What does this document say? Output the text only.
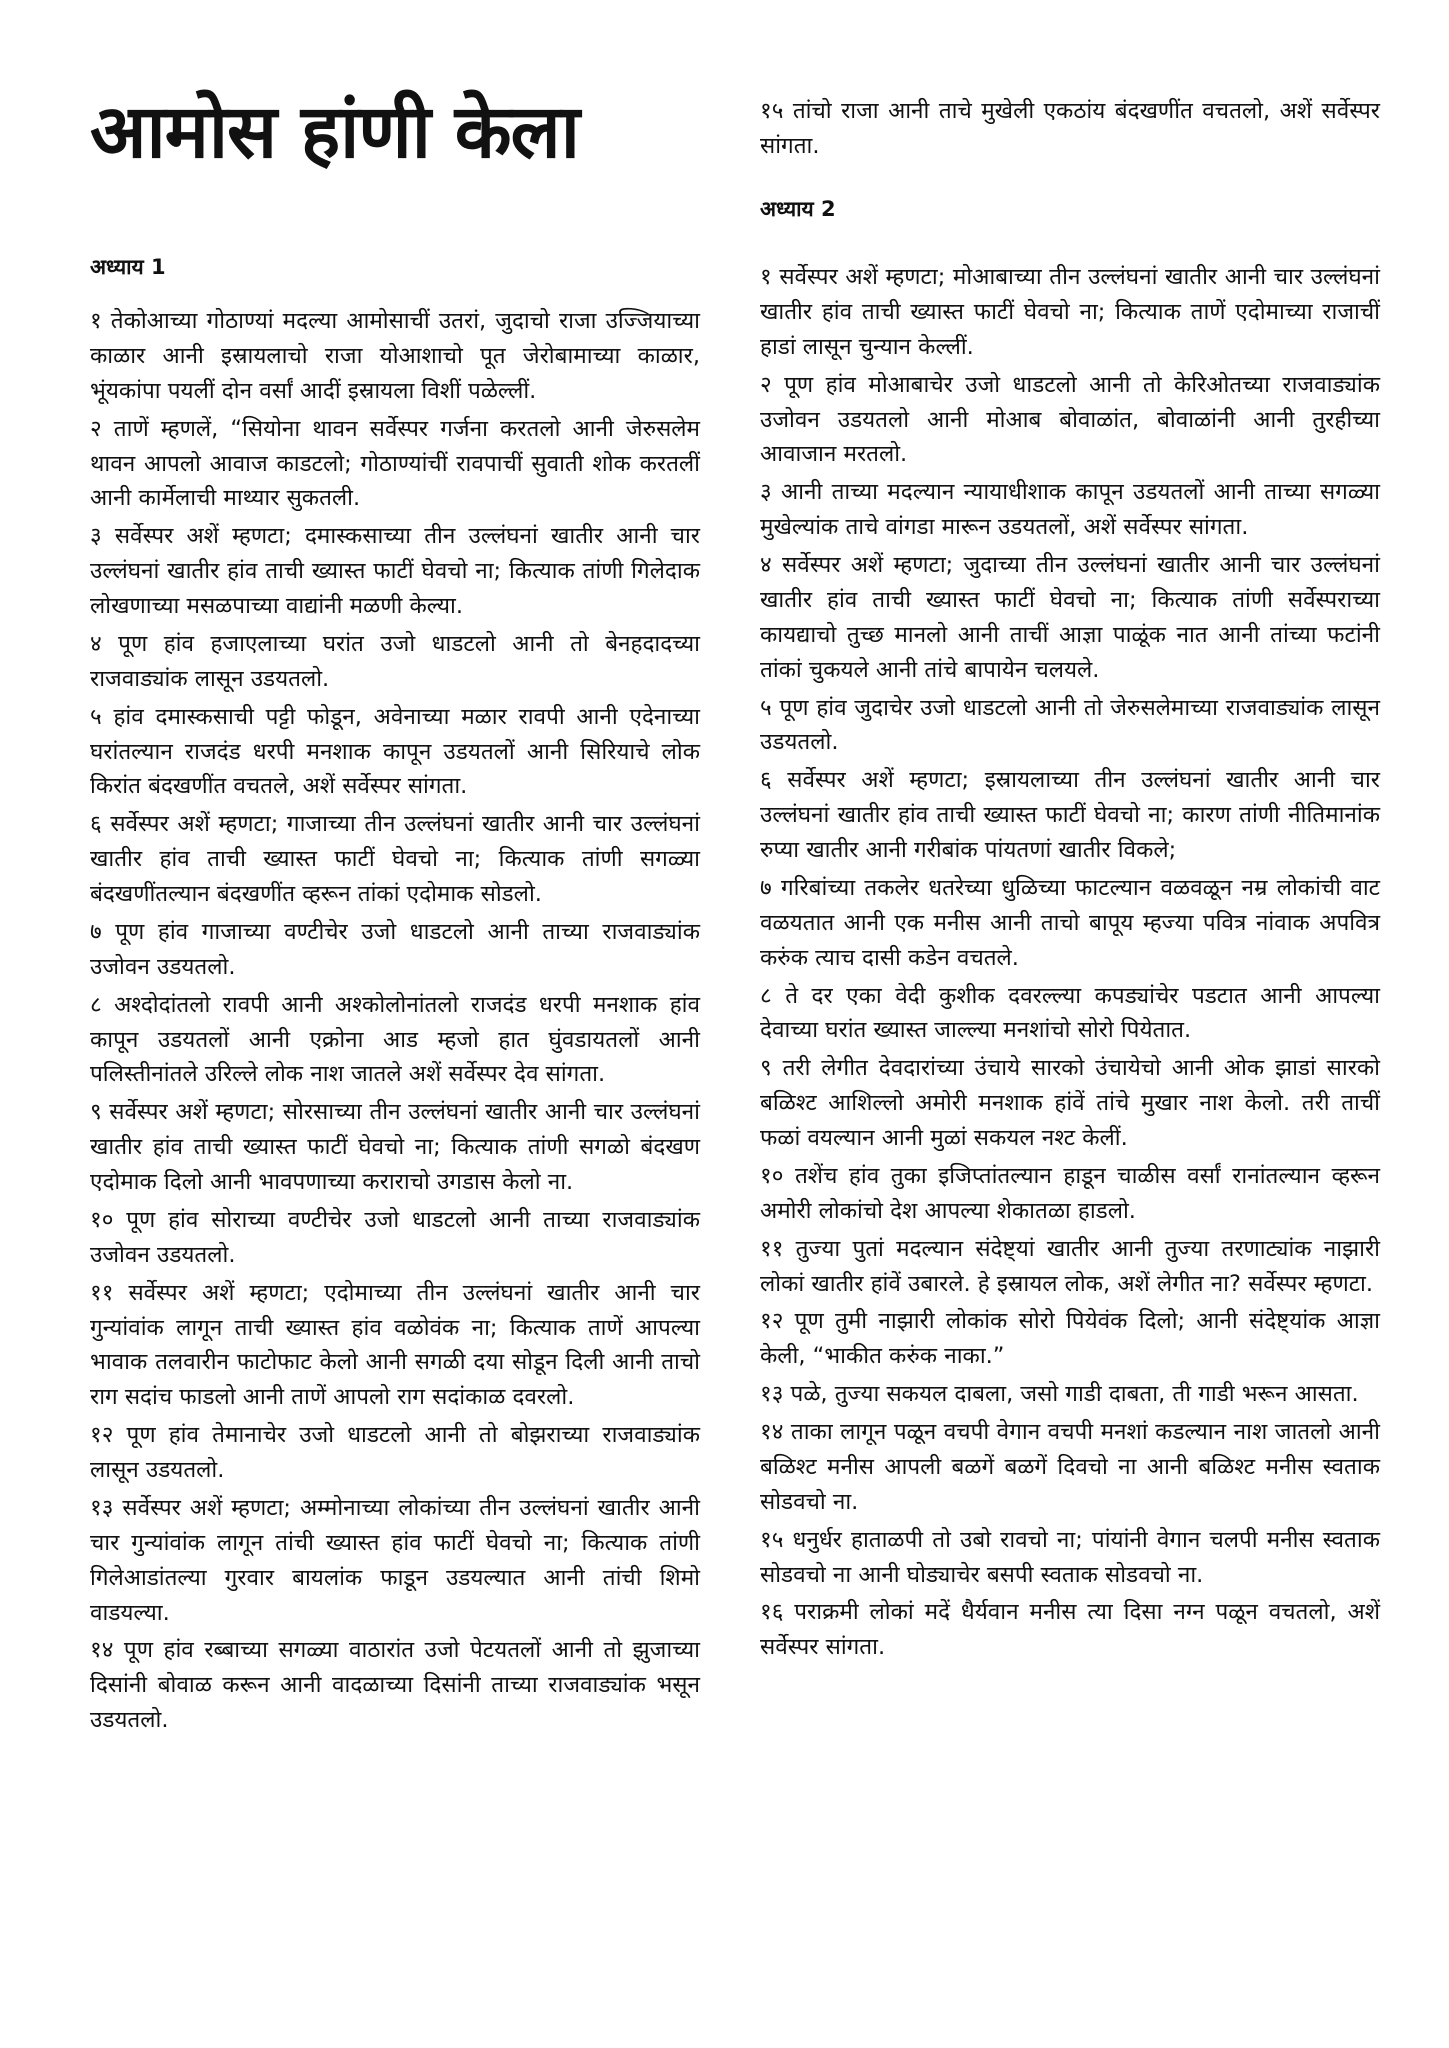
आमोस हांणी केला
अध्याय 1

१ तेकोआच्या गोठाण्यां मदल्या आमोसाचीं उतरां, जुदाचो राजा उज्जियाच्या काळार आनी इस्रायलाचो राजा योआशाचो पूत जेरोबामाच्या काळार, भूंयकांपा पयलीं दोन वर्सां आदीं इस्रायला विशीं पळेल्लीं.

२ ताणें म्हणलें, “सियोना थावन सर्वेस्पर गर्जना करतलो आनी जेरुसलेम थावन आपलो आवाज काडटलो; गोठाण्यांचीं रावपाचीं सुवाती शोक करतलीं आनी कार्मेलाची माथ्यार सुकतली.

३ सर्वेस्पर अशें म्हणटा; दमास्कसाच्या तीन उल्लंघनां खातीर आनी चार उल्लंघनां खातीर हांव ताची ख्यास्त फाटीं घेवचो ना; कित्याक तांणी गिलेदाक लोखणाच्या मसळपाच्या वाद्यांनी मळणी केल्या.

४ पूण हांव हजाएलाच्या घरांत उजो धाडटलो आनी तो बेनहदादच्या राजवाड्यांक लासून उडयतलो.

५ हांव दमास्कसाची पट्टी फोडून, अवेनाच्या मळार रावपी आनी एदेनाच्या घरांतल्यान राजदंड धरपी मनशाक कापून उडयतलों आनी सिरियाचे लोक किरांत बंदखणींत वचतले, अशें सर्वेस्पर सांगता.

६ सर्वेस्पर अशें म्हणटा; गाजाच्या तीन उल्लंघनां खातीर आनी चार उल्लंघनां खातीर हांव ताची ख्यास्त फाटीं घेवचो ना; कित्याक तांणी सगळ्या बंदखणींतल्यान बंदखणींत व्हरून तांकां एदोमाक सोडलो.

७ पूण हांव गाजाच्या वण्टीचेर उजो धाडटलो आनी ताच्या राजवाड्यांक उजोवन उडयतलो.

८ अश्दोदांतलो रावपी आनी अश्कोलोनांतलो राजदंड धरपी मनशाक हांव कापून उडयतलों आनी एक्रोना आड म्हजो हात घुंवडायतलों आनी पलिस्तीनांतले उरिल्ले लोक नाश जातले अशें सर्वेस्पर देव सांगता.

९ सर्वेस्पर अशें म्हणटा; सोरसाच्या तीन उल्लंघनां खातीर आनी चार उल्लंघनां खातीर हांव ताची ख्यास्त फाटीं घेवचो ना; कित्याक तांणी सगळो बंदखण एदोमाक दिलो आनी भावपणाच्या कराराचो उगडास केलो ना.

१० पूण हांव सोराच्या वण्टीचेर उजो धाडटलो आनी ताच्या राजवाड्यांक उजोवन उडयतलो.

११ सर्वेस्पर अशें म्हणटा; एदोमाच्या तीन उल्लंघनां खातीर आनी चार गुन्यांवांक लागून ताची ख्यास्त हांव वळोवंक ना; कित्याक ताणें आपल्या भावाक तलवारीन फाटोफाट केलो आनी सगळी दया सोडून दिली आनी ताचो राग सदांच फाडलो आनी ताणें आपलो राग सदांकाळ दवरलो.

१२ पूण हांव तेमानाचेर उजो धाडटलो आनी तो बोझराच्या राजवाड्यांक लासून उडयतलो.

१३ सर्वेस्पर अशें म्हणटा; अम्मोनाच्या लोकांच्या तीन उल्लंघनां खातीर आनी चार गुन्यांवांक लागून तांची ख्यास्त हांव फाटीं घेवचो ना; कित्याक तांणी गिलेआडांतल्या गुरवार बायलांक फाडून उडयल्यात आनी तांची शिमो वाडयल्या.

१४ पूण हांव रब्बाच्या सगळ्या वाठारांत उजो पेटयतलों आनी तो झुजाच्या दिसांनी बोवाळ करून आनी वादळाच्या दिसांनी ताच्या राजवाड्यांक भसून उडयतलो.

१५ तांचो राजा आनी ताचे मुखेली एकठांय बंदखणींत वचतलो, अशें सर्वेस्पर सांगता.

अध्याय 2

१ सर्वेस्पर अशें म्हणटा; मोआबाच्या तीन उल्लंघनां खातीर आनी चार उल्लंघनां खातीर हांव ताची ख्यास्त फाटीं घेवचो ना; कित्याक ताणें एदोमाच्या राजाचीं हाडां लासून चुन्यान केल्लीं.

२ पूण हांव मोआबाचेर उजो धाडटलो आनी तो केरिओतच्या राजवाड्यांक उजोवन उडयतलो आनी मोआब बोवाळांत, बोवाळांनी आनी तुरहीच्या आवाजान मरतलो.

३ आनी ताच्या मदल्यान न्यायाधीशाक कापून उडयतलों आनी ताच्या सगळ्या मुखेल्यांक ताचे वांगडा मारून उडयतलों, अशें सर्वेस्पर सांगता.

४ सर्वेस्पर अशें म्हणटा; जुदाच्या तीन उल्लंघनां खातीर आनी चार उल्लंघनां खातीर हांव ताची ख्यास्त फाटीं घेवचो ना; कित्याक तांणी सर्वेस्पराच्या कायद्याचो तुच्छ मानलो आनी ताचीं आज्ञा पाळूंक नात आनी तांच्या फटांनी तांकां चुकयले आनी तांचे बापायेन चलयले.

५ पूण हांव जुदाचेर उजो धाडटलो आनी तो जेरुसलेमाच्या राजवाड्यांक लासून उडयतलो.

६ सर्वेस्पर अशें म्हणटा; इस्रायलाच्या तीन उल्लंघनां खातीर आनी चार उल्लंघनां खातीर हांव ताची ख्यास्त फाटीं घेवचो ना; कारण तांणी नीतिमानांक रुप्या खातीर आनी गरीबांक पांयतणां खातीर विकले;

७ गरिबांच्या तकलेर धतरेच्या धुळिच्या फाटल्यान वळवळून नम्र लोकांची वाट वळयतात आनी एक मनीस आनी ताचो बापूय म्हज्या पवित्र नांवाक अपवित्र करुंक त्याच दासी कडेन वचतले.

८ ते दर एका वेदी कुशीक दवरल्ल्या कपड्यांचेर पडटात आनी आपल्या देवाच्या घरांत ख्यास्त जाल्ल्या मनशांचो सोरो पियेतात.

९ तरी लेगीत देवदारांच्या उंचाये सारको उंचायेचो आनी ओक झाडां सारको बळिश्ट आशिल्लो अमोरी मनशाक हांवें तांचे मुखार नाश केलो. तरी ताचीं फळां वयल्यान आनी मुळां सकयल नश्ट केलीं.

१० तशेंच हांव तुका इजिप्तांतल्यान हाडून चाळीस वर्सां रानांतल्यान व्हरून अमोरी लोकांचो देश आपल्या शेकातळा हाडलो.

११ तुज्या पुतां मदल्यान संदेष्ट्यां खातीर आनी तुज्या तरणाट्यांक नाझारी लोकां खातीर हांवें उबारले. हे इस्रायल लोक, अशें लेगीत ना? सर्वेस्पर म्हणटा.

१२ पूण तुमी नाझारी लोकांक सोरो पियेवंक दिलो; आनी संदेष्ट्यांक आज्ञा केली, “भाकीत करुंक नाका.”

१३ पळे, तुज्या सकयल दाबला, जसो गाडी दाबता, ती गाडी भरून आसता.

१४ ताका लागून पळून वचपी वेगान वचपी मनशां कडल्यान नाश जातलो आनी बळिश्ट मनीस आपली बळगें बळगें दिवचो ना आनी बळिश्ट मनीस स्वताक सोडवचो ना.

१५ धनुर्धर हाताळपी तो उबो रावचो ना; पांयांनी वेगान चलपी मनीस स्वताक सोडवचो ना आनी घोड्याचेर बसपी स्वताक सोडवचो ना.

१६ पराक्रमी लोकां मदें धैर्यवान मनीस त्या दिसा नग्न पळून वचतलो, अशें सर्वेस्पर सांगता.
